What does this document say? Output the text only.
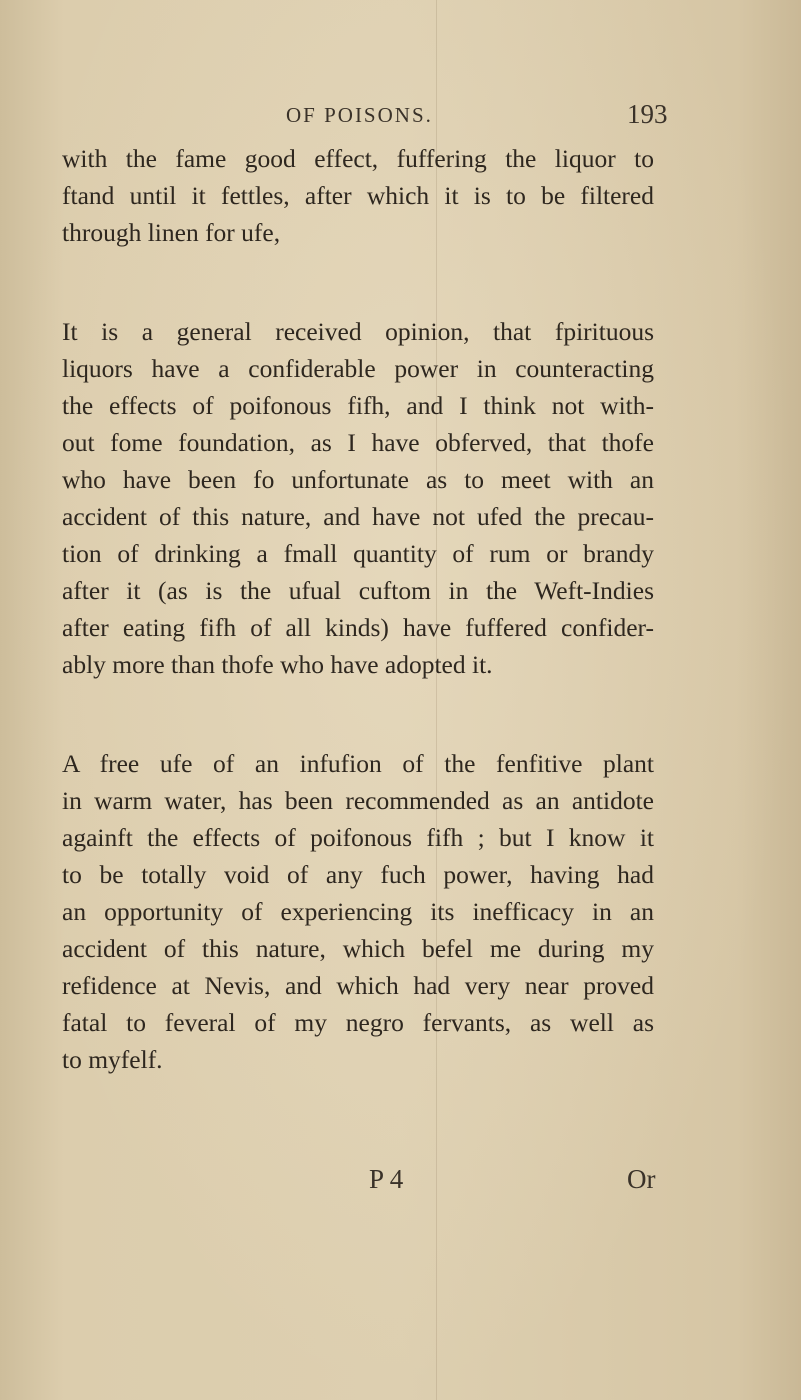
OF POISONS.	193
with the fame good effect, fuffering the liquor to
ftand until it fettles, after which it is to be filtered
through linen for ufe,
It is a general received opinion, that fpirituous
liquors have a confiderable power in counteracting
the effects of poifonous fifh, and I think not with-
out fome foundation, as I have obferved, that thofe
who have been fo unfortunate as to meet with an
accident of this nature, and have not ufed the precau-
tion of drinking a fmall quantity of rum or brandy
after it (as is the ufual cuftom in the Weft-Indies
after eating fifh of all kinds) have fuffered confider-
ably more than thofe who have adopted it.
A free ufe of an infufion of the fenfitive plant
in warm water, has been recommended as an antidote
againft the effects of poifonous fifh ; but I know it
to be totally void of any fuch power, having had
an opportunity of experiencing its inefficacy in an
accident of this nature, which befel me during my
refidence at Nevis, and which had very near proved
fatal to feveral of my negro fervants, as well as
to myfelf.
P 4	Or
